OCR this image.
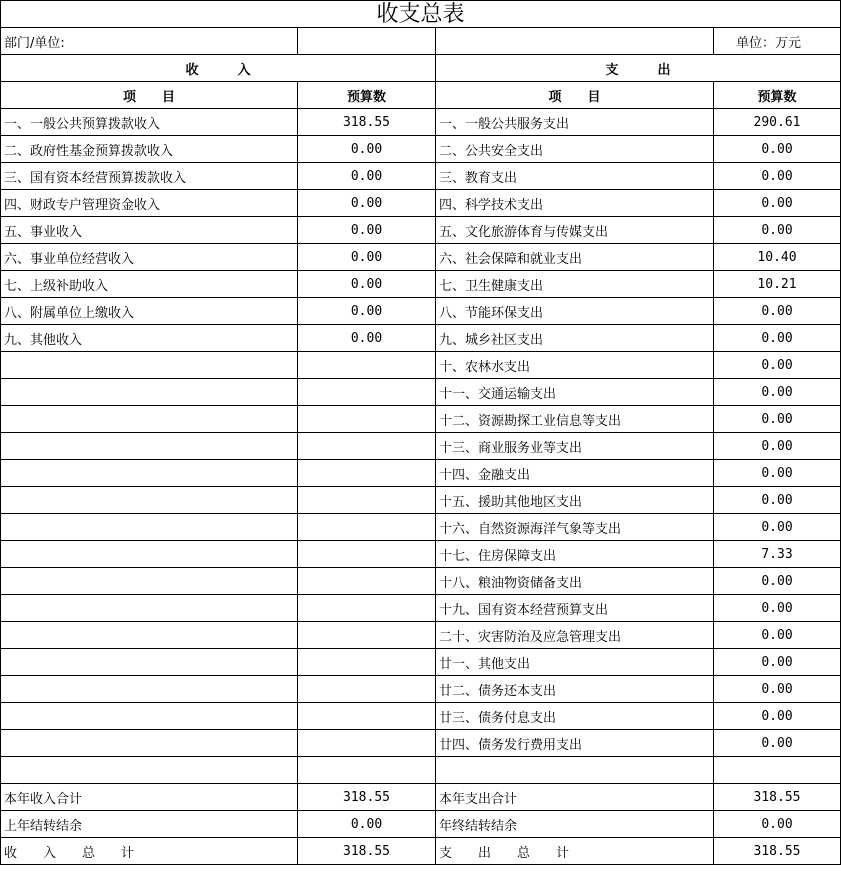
收支总表
部门/单位:			单位：万元
收　　　入		支　　　出	
项　　目	预算数	项　　目	预算数
一、一般公共预算拨款收入	318.55	一、一般公共服务支出	290.61
二、政府性基金预算拨款收入	0.00	二、公共安全支出	0.00
三、国有资本经营预算拨款收入	0.00	三、教育支出	0.00
四、财政专户管理资金收入	0.00	四、科学技术支出	0.00
五、事业收入	0.00	五、文化旅游体育与传媒支出	0.00
六、事业单位经营收入	0.00	六、社会保障和就业支出	10.40
七、上级补助收入	0.00	七、卫生健康支出	10.21
八、附属单位上缴收入	0.00	八、节能环保支出	0.00
九、其他收入	0.00	九、城乡社区支出	0.00
		十、农林水支出	0.00
		十一、交通运输支出	0.00
		十二、资源勘探工业信息等支出	0.00
		十三、商业服务业等支出	0.00
		十四、金融支出	0.00
		十五、援助其他地区支出	0.00
		十六、自然资源海洋气象等支出	0.00
		十七、住房保障支出	7.33
		十八、粮油物资储备支出	0.00
		十九、国有资本经营预算支出	0.00
		二十、灾害防治及应急管理支出	0.00
		廿一、其他支出	0.00
		廿二、债务还本支出	0.00
		廿三、债务付息支出	0.00
		廿四、债务发行费用支出	0.00

本年收入合计	318.55	本年支出合计	318.55
上年结转结余	0.00	年终结转结余	0.00
收　　入　　总　　计	318.55	支　　出　　总　　计	318.55
